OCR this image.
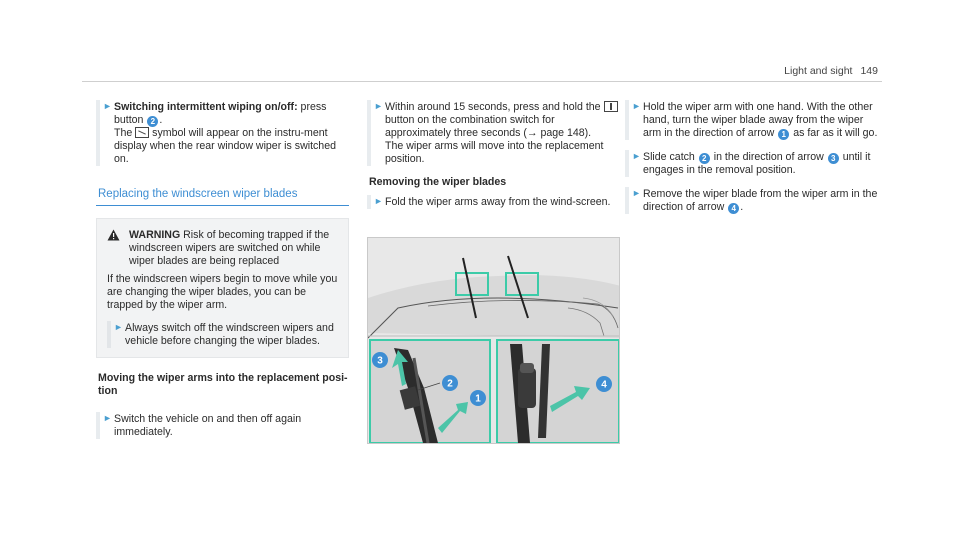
Light and sight 149
► Switching intermittent wiping on/off: press button 2 .
The  symbol will appear on the instru-ment display when the rear window wiper is switched on.
Replacing the windscreen wiper blades
WARNING Risk of becoming trapped if the windscreen wipers are switched on while wiper blades are being replaced
If the windscreen wipers begin to move while you are changing the wiper blades, you can be trapped by the wiper arm.
► Always switch off the windscreen wipers and vehicle before changing the wiper blades.
Moving the wiper arms into the replacement posi-tion
► Switch the vehicle on and then off again immediately.
► Within around 15 seconds, press and hold the  button on the combination switch for approximately three seconds (→ page 148).
The wiper arms will move into the replacement position.
Removing the wiper blades
► Fold the wiper arms away from the wind-screen.
3
2
1
4
► Hold the wiper arm with one hand. With the other hand, turn the wiper blade away from the wiper arm in the direction of arrow 1 as far as it will go.
► Slide catch 2 in the direction of arrow 3 until it engages in the removal position.
► Remove the wiper blade from the wiper arm in the direction of arrow 4 .
